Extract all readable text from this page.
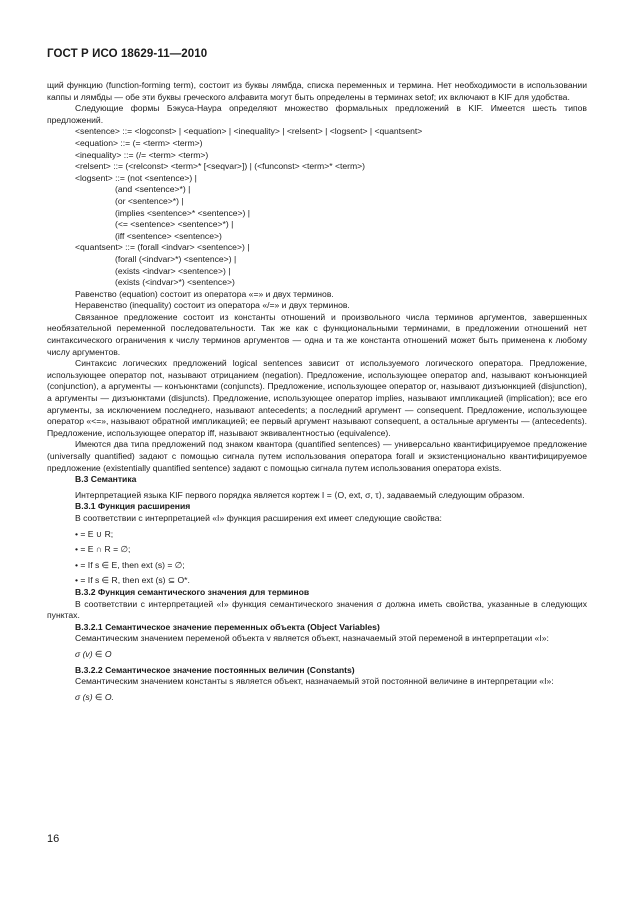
ГОСТ Р ИСО 18629-11—2010

щий функцию (function-forming term), состоит из буквы лямбда, списка переменных и термина. Нет необходимости в использовании каппы и лямбды — обе эти буквы греческого алфавита могут быть определены в терминах setof; их включают в KIF для удобства.

Следующие формы Бэкуса-Наура определяют множество формальных предложений в KIF. Имеется шесть типов предложений.

<sentence> ::= <logconst> | <equation> | <inequality> | <relsent> | <logsent> | <quantsent>
<equation> ::= (= <term> <term>)
<inequality> ::= (/= <term> <term>)
<relsent> ::= (<relconst> <term>* [<seqvar>]) | (<funconst> <term>* <term>)
<logsent> ::= (not <sentence>) |
(and <sentence>*) |
(or <sentence>*) |
(implies <sentence>* <sentence>) |
(<= <sentence> <sentence>*) |
(iff <sentence> <sentence>)
<quantsent> ::= (forall <indvar> <sentence>) |
(forall (<indvar>*) <sentence>) |
(exists <indvar> <sentence>) |
(exists (<indvar>*) <sentence>)

Равенство (equation) состоит из оператора «=» и двух терминов.

Неравенство (inequality) состоит из оператора «/=» и двух терминов.

Связанное предложение состоит из константы отношений и произвольного числа терминов аргументов, завершенных необязательной переменной последовательности. Так же как с функциональными терминами, в предложении отношений нет синтаксического ограничения к числу терминов аргументов — одна и та же константа отношений может быть применена к любому числу аргументов.

Синтаксис логических предложений logical sentences зависит от используемого логического оператора. Предложение, использующее оператор not, называют отрицанием (negation). Предложение, использующее оператор and, называют конъюнкцией (conjunction), а аргументы — конъюнктами (conjuncts). Предложение, использующее оператор or, называют дизъюнкцией (disjunction), а аргументы — дизъюнктами (disjuncts). Предложение, использующее оператор implies, называют импликацией (implication); все его аргументы, за исключением последнего, называют antecedents; а последний аргумент — consequent. Предложение, использующее оператор «<=», называют обратной импликацией; ее первый аргумент называют consequent, а остальные аргументы — (antecedents). Предложение, использующее оператор iff, называют эквивалентностью (equivalence).

Имеются два типа предложений под знаком квантора (quantified sentences) — универсально квантифицируемое предложение (universally quantified) задают с помощью сигнала путем использования оператора forall и экзистенционально квантифицируемое предложение (existentially quantified sentence) задают с помощью сигнала путем использования оператора exists.

B.3 Семантика

Интерпретацией языка KIF первого порядка является кортеж I = ⟨O, ext, σ, τ⟩, задаваемый следующим образом.

B.3.1 Функция расширения

В соответствии с интерпретацией «I» функция расширения ext имеет следующие свойства:

• = E ∪ R;
• = E ∩ R = ∅;
• = If s ∈ E, then ext (s) = ∅;
• = If s ∈ R, then ext (s) ⊆ O*.
B.3.2 Функция семантического значения для терминов

В соответствии с интерпретацией «I» функция семантического значения σ должна иметь свойства, указанные в следующих пунктах.

B.3.2.1 Семантическое значение переменных объекта (Object Variables)

Семантическим значением переменой объекта v является объект, назначаемый этой переменой в интерпретации «I»:

σ (v) ∈ O
B.3.2.2 Семантическое значение постоянных величин (Constants)

Семантическим значением константы s является объект, назначаемый этой постоянной величине в интерпретации «I»:

σ (s) ∈ O.
16
